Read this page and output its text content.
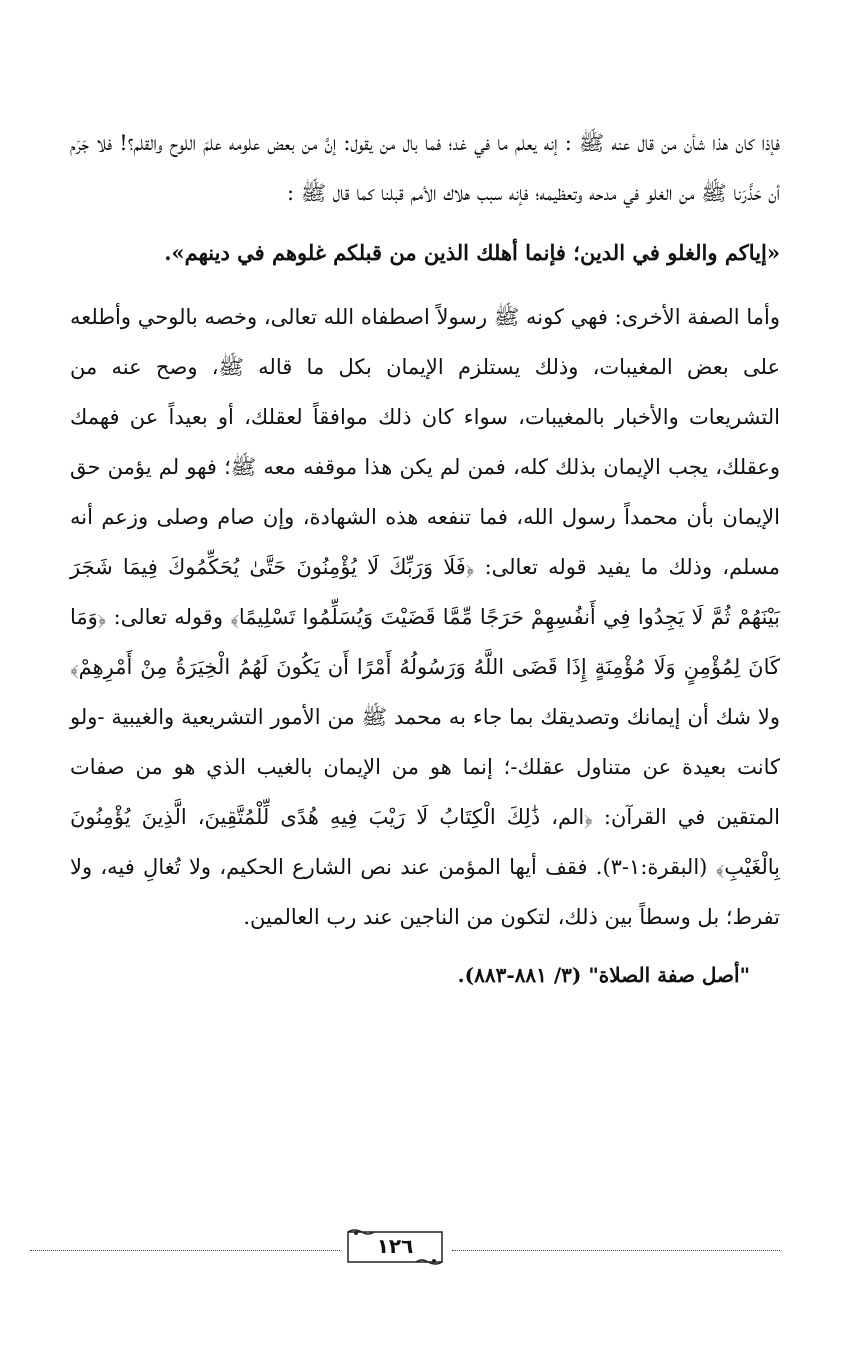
فإذا كان هذا شأن من قال عنه ﷺ : إنه يعلم ما في غد؛ فما بال من يقول: إنَّ من بعض علومه علمَ اللوح والقلم؟! فلا جَرَم أن حَذَّرَنا ﷺ من الغلو في مدحه وتعظيمه؛ فإنه سبب هلاك الأمم قبلنا كما قال ﷺ :

«إياكم والغلو في الدين؛ فإنما أهلك الذين من قبلكم غلوهم في دينهم».

وأما الصفة الأخرى: فهي كونه ﷺ رسولاً اصطفاه الله تعالى، وخصه بالوحي وأطلعه على بعض المغيبات، وذلك يستلزم الإيمان بكل ما قاله ﷺ، وصح عنه من التشريعات والأخبار بالمغيبات، سواء كان ذلك موافقاً لعقلك، أو بعيداً عن فهمك وعقلك، يجب الإيمان بذلك كله، فمن لم يكن هذا موقفه معه ﷺ؛ فهو لم يؤمن حق الإيمان بأن محمداً رسول الله، فما تنفعه هذه الشهادة، وإن صام وصلى وزعم أنه مسلم، وذلك ما يفيد قوله تعالى: ﴿فَلَا وَرَبِّكَ لَا يُؤْمِنُونَ حَتَّىٰ يُحَكِّمُوكَ فِيمَا شَجَرَ بَيْنَهُمْ ثُمَّ لَا يَجِدُوا فِي أَنفُسِهِمْ حَرَجًا مِّمَّا قَضَيْتَ وَيُسَلِّمُوا تَسْلِيمًا﴾ وقوله تعالى: ﴿وَمَا كَانَ لِمُؤْمِنٍ وَلَا مُؤْمِنَةٍ إِذَا قَضَى اللَّهُ وَرَسُولُهُ أَمْرًا أَن يَكُونَ لَهُمُ الْخِيَرَةُ مِنْ أَمْرِهِمْ﴾ ولا شك أن إيمانك وتصديقك بما جاء به محمد ﷺ من الأمور التشريعية والغيبية -ولو كانت بعيدة عن متناول عقلك-؛ إنما هو من الإيمان بالغيب الذي هو من صفات المتقين في القرآن: ﴿الم، ذَٰلِكَ الْكِتَابُ لَا رَيْبَ فِيهِ هُدًى لِّلْمُتَّقِينَ، الَّذِينَ يُؤْمِنُونَ بِالْغَيْبِ﴾ (البقرة:١-٣). فقف أيها المؤمن عند نص الشارع الحكيم، ولا تُغالِ فيه، ولا تفرط؛ بل وسطاً بين ذلك، لتكون من الناجين عند رب العالمين.

"أصل صفة الصلاة" (٣/ ٨٨١-٨٨٣).

١٢٦
